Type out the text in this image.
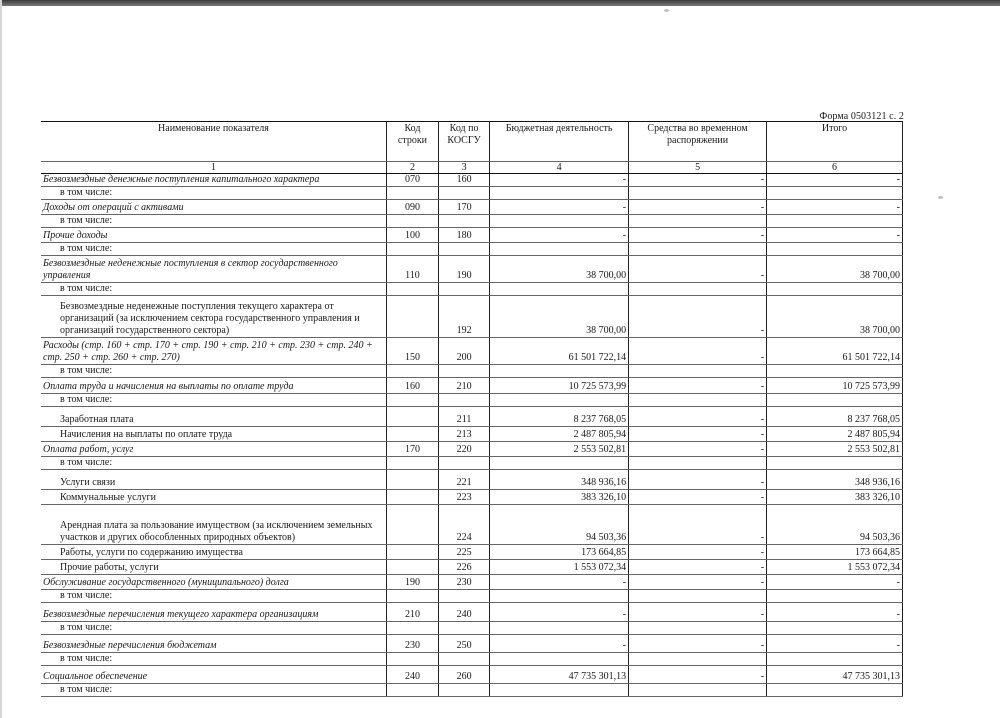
Форма 0503121 с. 2
Наименование показателя	Код строки	Код по КОСГУ	Бюджетная деятельность	Средства во временном распоряжении	Итого
1	2	3	4	5	6
Безвозмездные денежные поступления капитального характера	070	160	-	-	-
в том числе:					
Доходы от операций с активами	090	170	-	-	-
в том числе:					
Прочие доходы	100	180	-	-	-
в том числе:					
Безвозмездные неденежные поступления в сектор государственного управления	110	190	38 700,00	-	38 700,00
в том числе:					
Безвозмездные неденежные поступления текущего характера от организаций (за исключением сектора государственного управления и организаций государственного сектора)		192	38 700,00	-	38 700,00
Расходы (стр. 160 + стр. 170 + стр. 190 + стр. 210 + стр. 230 + стр. 240 + стр. 250 + стр. 260 + стр. 270)	150	200	61 501 722,14	-	61 501 722,14
в том числе:					
Оплата труда и начисления на выплаты по оплате труда	160	210	10 725 573,99	-	10 725 573,99
в том числе:					
Заработная плата		211	8 237 768,05	-	8 237 768,05
Начисления на выплаты по оплате труда		213	2 487 805,94	-	2 487 805,94
Оплата работ, услуг	170	220	2 553 502,81	-	2 553 502,81
в том числе:					
Услуги связи		221	348 936,16	-	348 936,16
Коммунальные услуги		223	383 326,10	-	383 326,10
Арендная плата за пользование имуществом (за исключением земельных участков и других обособленных природных объектов)		224	94 503,36	-	94 503,36
Работы, услуги по содержанию имущества		225	173 664,85	-	173 664,85
Прочие работы, услуги		226	1 553 072,34	-	1 553 072,34
Обслуживание государственного (муниципального) долга	190	230	-	-	-
в том числе:					
Безвозмездные перечисления текущего характера организациям	210	240	-	-	-
в том числе:					
Безвозмездные перечисления бюджетам	230	250	-	-	-
в том числе:					
Социальное обеспечение	240	260	47 735 301,13	-	47 735 301,13
в том числе:					
